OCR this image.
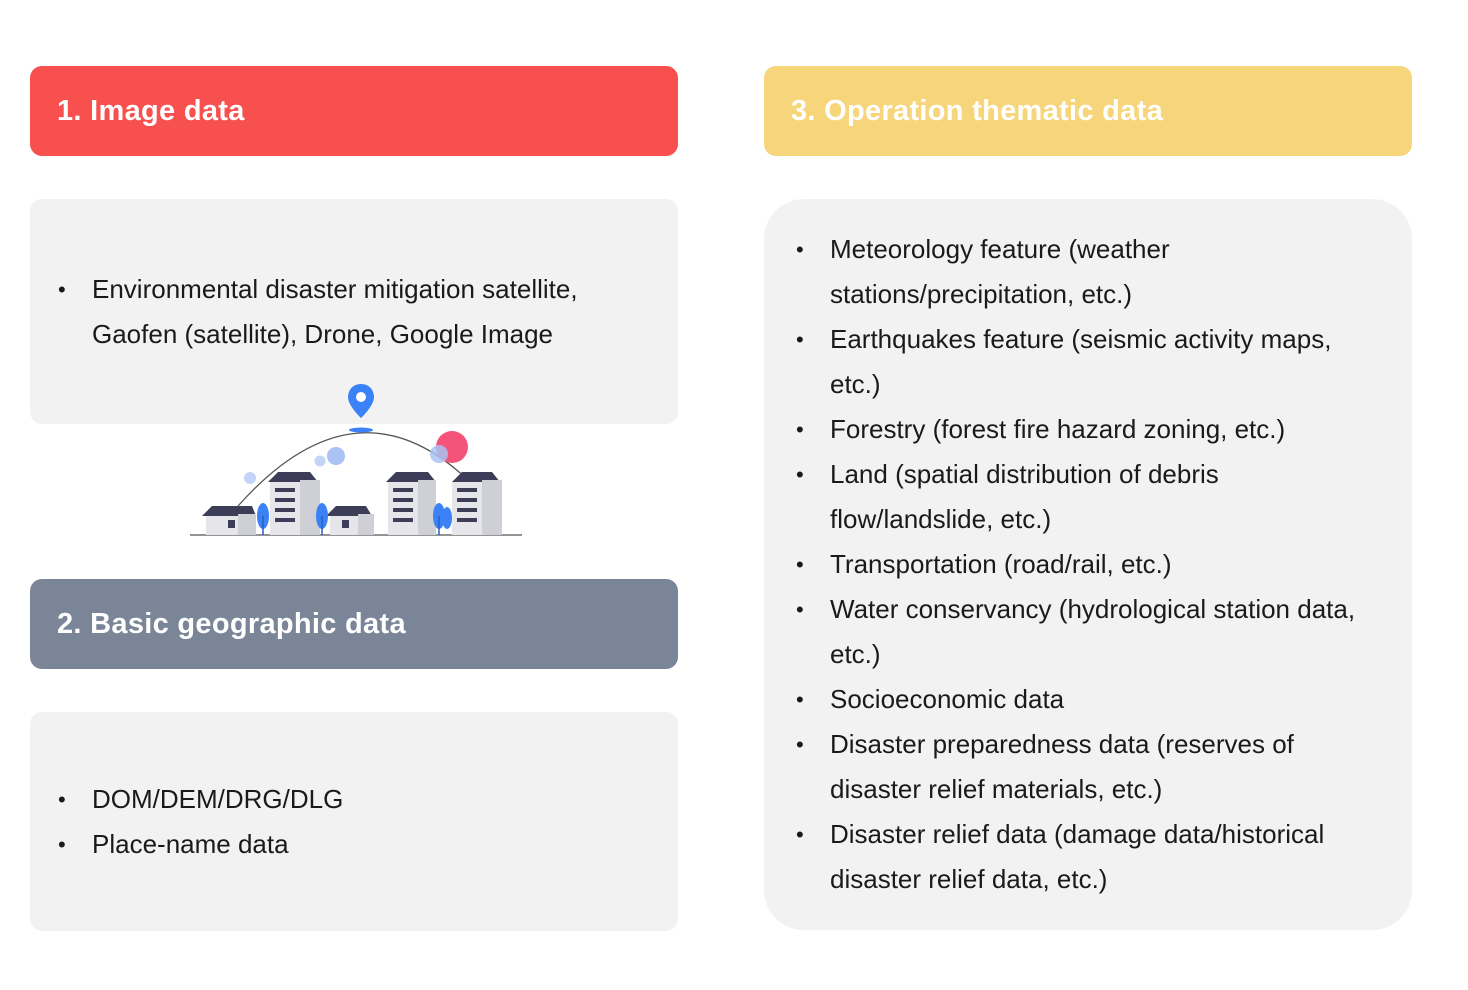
1. Image data
• Environmental disaster mitigation satellite, Gaofen (satellite), Drone, Google Image
2. Basic geographic data
• DOM/DEM/DRG/DLG
• Place-name data
3. Operation thematic data
• Meteorology feature (weather stations/precipitation, etc.)
• Earthquakes feature (seismic activity maps, etc.)
• Forestry (forest fire hazard zoning, etc.)
• Land (spatial distribution of debris flow/landslide, etc.)
• Transportation (road/rail, etc.)
• Water conservancy (hydrological station data, etc.)
• Socioeconomic data
• Disaster preparedness data (reserves of disaster relief materials, etc.)
• Disaster relief data (damage data/historical disaster relief data, etc.)
